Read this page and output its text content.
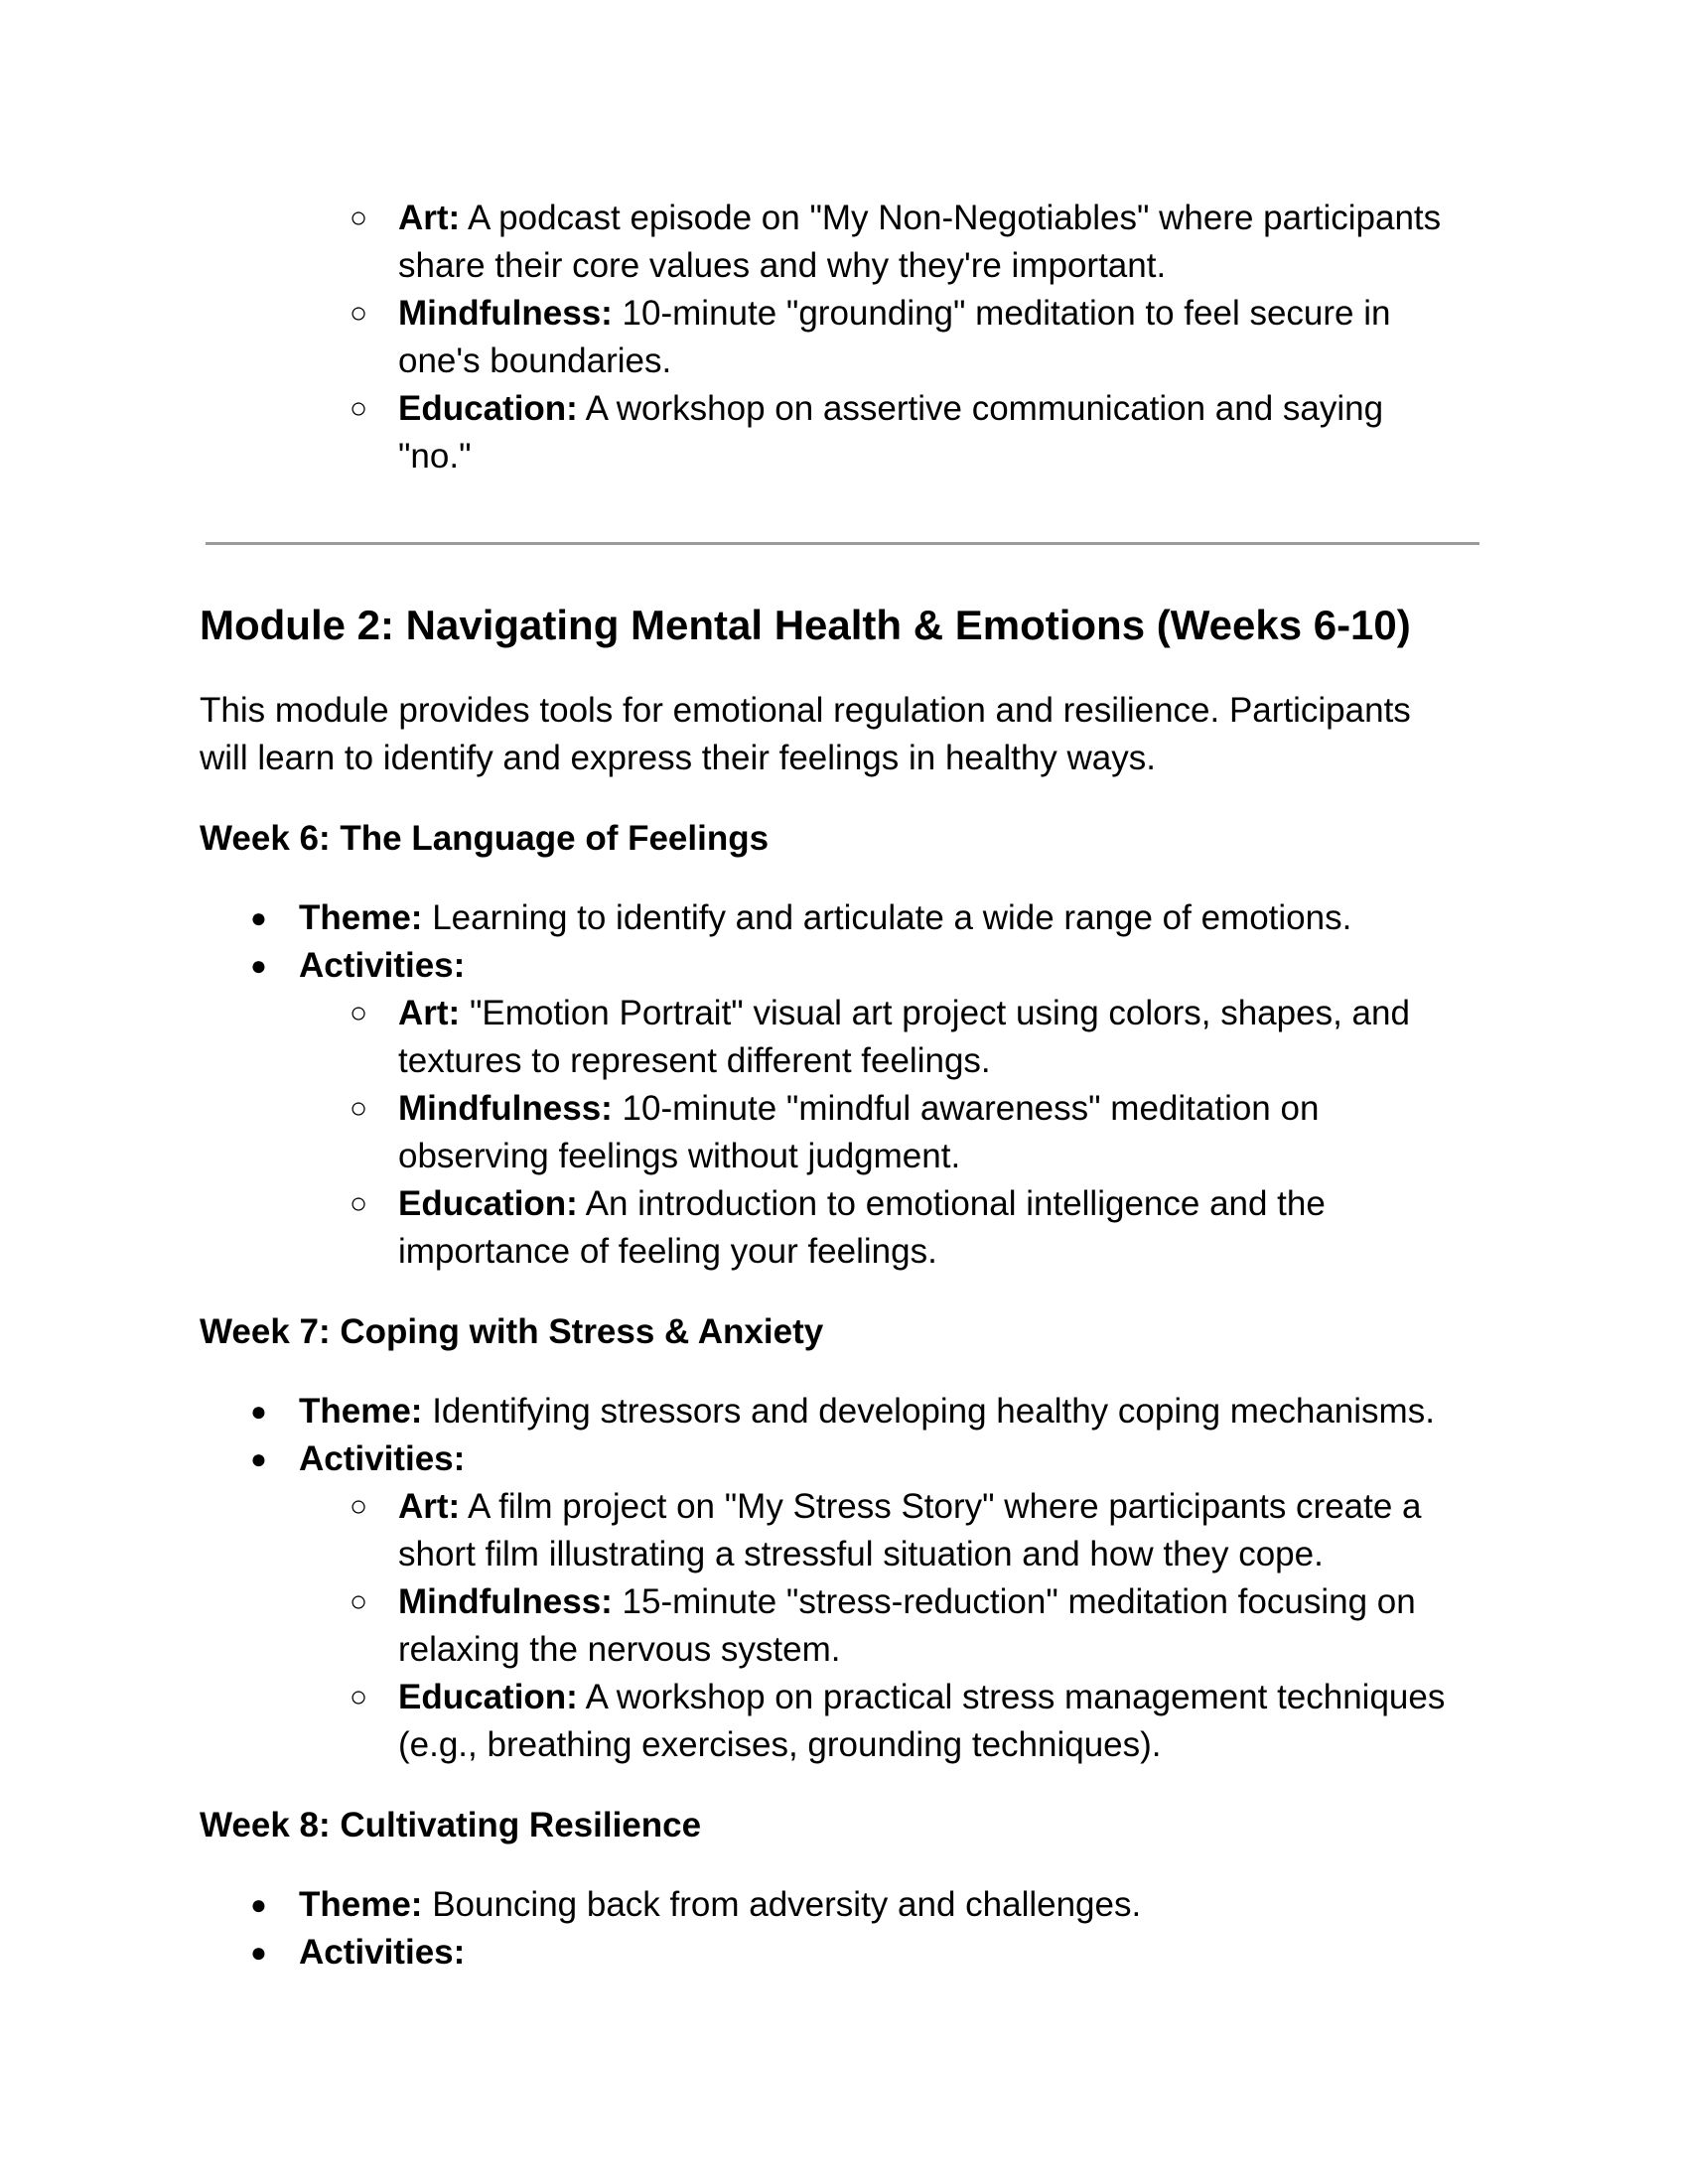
○ Art: A podcast episode on "My Non-Negotiables" where participants
share their core values and why they're important.
○ Mindfulness: 10-minute "grounding" meditation to feel secure in
one's boundaries.
○ Education: A workshop on assertive communication and saying
"no."
Module 2: Navigating Mental Health & Emotions (Weeks 6-10)
This module provides tools for emotional regulation and resilience. Participants
will learn to identify and express their feelings in healthy ways.
Week 6: The Language of Feelings
● Theme: Learning to identify and articulate a wide range of emotions.
● Activities:
○ Art: "Emotion Portrait" visual art project using colors, shapes, and
textures to represent different feelings.
○ Mindfulness: 10-minute "mindful awareness" meditation on
observing feelings without judgment.
○ Education: An introduction to emotional intelligence and the
importance of feeling your feelings.
Week 7: Coping with Stress & Anxiety
● Theme: Identifying stressors and developing healthy coping mechanisms.
● Activities:
○ Art: A film project on "My Stress Story" where participants create a
short film illustrating a stressful situation and how they cope.
○ Mindfulness: 15-minute "stress-reduction" meditation focusing on
relaxing the nervous system.
○ Education: A workshop on practical stress management techniques
(e.g., breathing exercises, grounding techniques).
Week 8: Cultivating Resilience
● Theme: Bouncing back from adversity and challenges.
● Activities:
